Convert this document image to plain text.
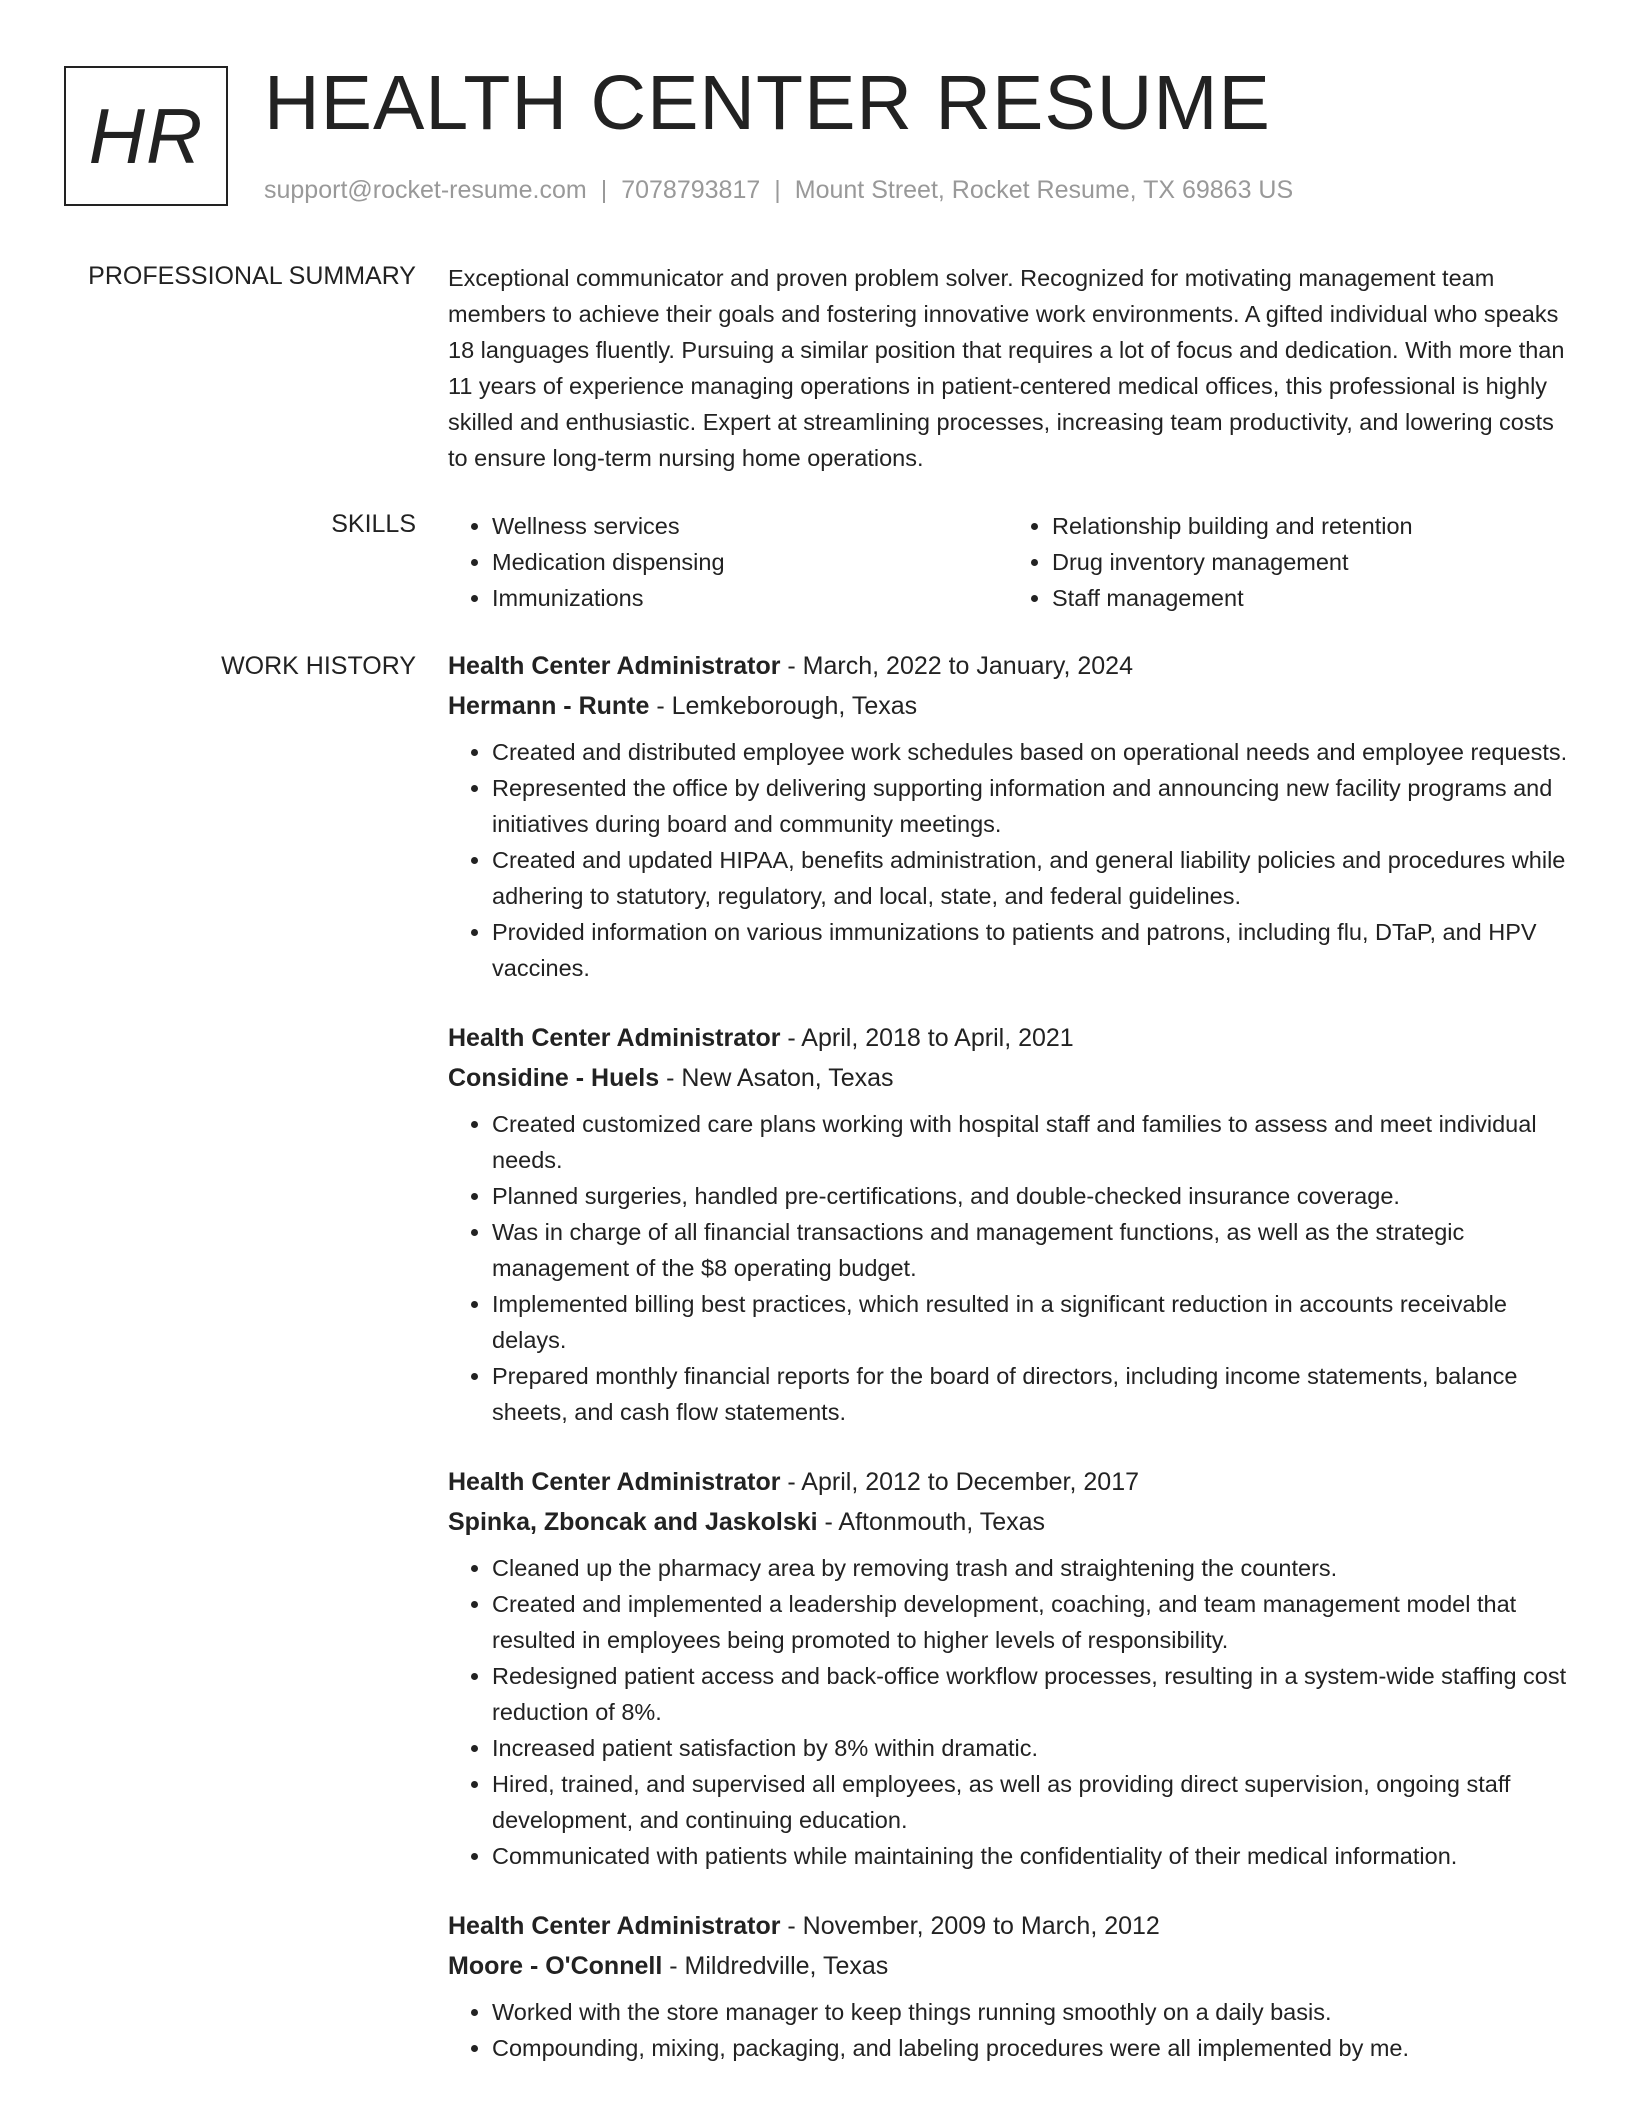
HR HEALTH CENTER RESUME
support@rocket-resume.com | 7078793817 | Mount Street, Rocket Resume, TX 69863 US
PROFESSIONAL SUMMARY Exceptional communicator and proven problem solver. Recognized for motivating management team members to achieve their goals and fostering innovative work environments. A gifted individual who speaks 18 languages fluently. Pursuing a similar position that requires a lot of focus and dedication. With more than 11 years of experience managing operations in patient-centered medical offices, this professional is highly skilled and enthusiastic. Expert at streamlining processes, increasing team productivity, and lowering costs to ensure long-term nursing home operations.

SKILLS
•	Wellness services
• Medication dispensing
• Immunizations
• Relationship building and retention
• Drug inventory management
• Staff management
WORK HISTORY Health Center Administrator - March, 2022 to January, 2024
Hermann - Runte - Lemkeborough, Texas
• Created and distributed employee work schedules based on operational needs and employee requests.
• Represented the office by delivering supporting information and announcing new facility programs and initiatives during board and community meetings.
• Created and updated HIPAA, benefits administration, and general liability policies and procedures while adhering to statutory, regulatory, and local, state, and federal guidelines.
• Provided information on various immunizations to patients and patrons, including flu, DTaP, and HPV vaccines.
Health Center Administrator - April, 2018 to April, 2021
Considine - Huels - New Asaton, Texas
• Created customized care plans working with hospital staff and families to assess and meet individual needs.
• Planned surgeries, handled pre-certifications, and double-checked insurance coverage.
• Was in charge of all financial transactions and management functions, as well as the strategic management of the $8 operating budget.
• Implemented billing best practices, which resulted in a significant reduction in accounts receivable delays.
• Prepared monthly financial reports for the board of directors, including income statements, balance sheets, and cash flow statements.
Health Center Administrator - April, 2012 to December, 2017
Spinka, Zboncak and Jaskolski - Aftonmouth, Texas
• Cleaned up the pharmacy area by removing trash and straightening the counters.
• Created and implemented a leadership development, coaching, and team management model that resulted in employees being promoted to higher levels of responsibility.
• Redesigned patient access and back-office workflow processes, resulting in a system-wide staffing cost reduction of 8%.
• Increased patient satisfaction by 8% within dramatic.
• Hired, trained, and supervised all employees, as well as providing direct supervision, ongoing staff development, and continuing education.
• Communicated with patients while maintaining the confidentiality of their medical information.
Health Center Administrator - November, 2009 to March, 2012
Moore - O'Connell - Mildredville, Texas
• Worked with the store manager to keep things running smoothly on a daily basis.
• Compounding, mixing, packaging, and labeling procedures were all implemented by me.
